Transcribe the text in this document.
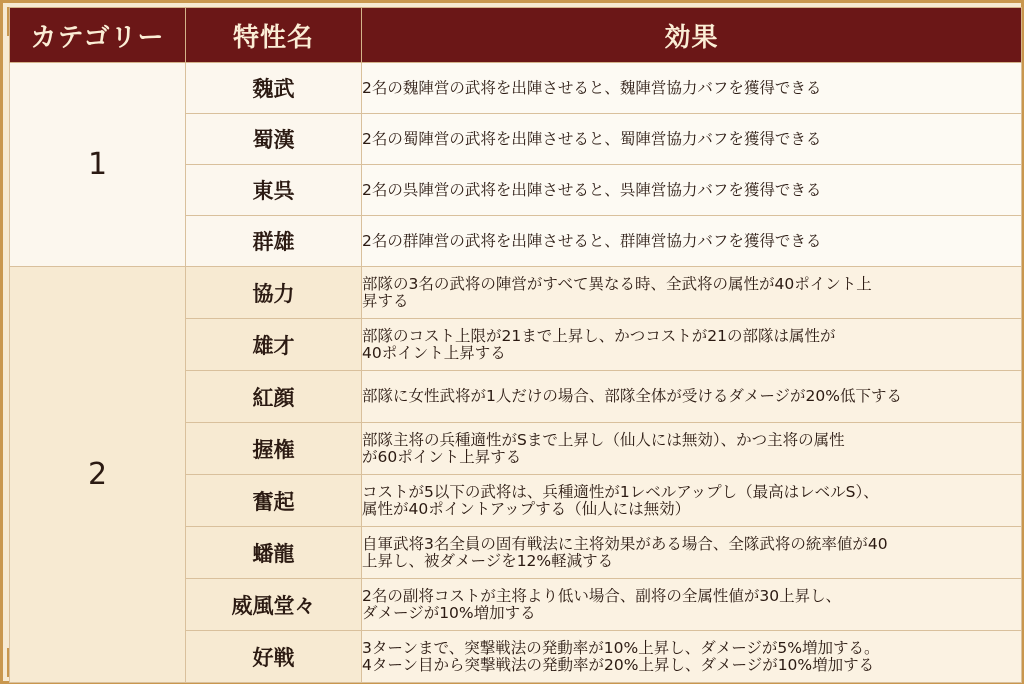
カテゴリー	特性名	効果
1	魏武	2名の魏陣営の武将を出陣させると、魏陣営協力バフを獲得できる
	蜀漢	2名の蜀陣営の武将を出陣させると、蜀陣営協力バフを獲得できる
	東呉	2名の呉陣営の武将を出陣させると、呉陣営協力バフを獲得できる
	群雄	2名の群陣営の武将を出陣させると、群陣営協力バフを獲得できる
2	協力	部隊の3名の武将の陣営がすべて異なる時、全武将の属性が40ポイント上
昇する
	雄才	部隊のコスト上限が21まで上昇し、かつコストが21の部隊は属性が
40ポイント上昇する
	紅顔	部隊に女性武将が1人だけの場合、部隊全体が受けるダメージが20%低下する
	握権	部隊主将の兵種適性がSまで上昇し（仙人には無効）、かつ主将の属性
が60ポイント上昇する
	奮起	コストが5以下の武将は、兵種適性が1レベルアップし（最高はレベルS）、
属性が40ポイントアップする（仙人には無効）
	蟠龍	自軍武将3名全員の固有戦法に主将効果がある場合、全隊武将の統率値が40
上昇し、被ダメージを12%軽減する
	威風堂々	2名の副将コストが主将より低い場合、副将の全属性値が30上昇し、
ダメージが10%増加する
	好戦	3ターンまで、突撃戦法の発動率が10%上昇し、ダメージが5%増加する。
4ターン目から突撃戦法の発動率が20%上昇し、ダメージが10%増加する
